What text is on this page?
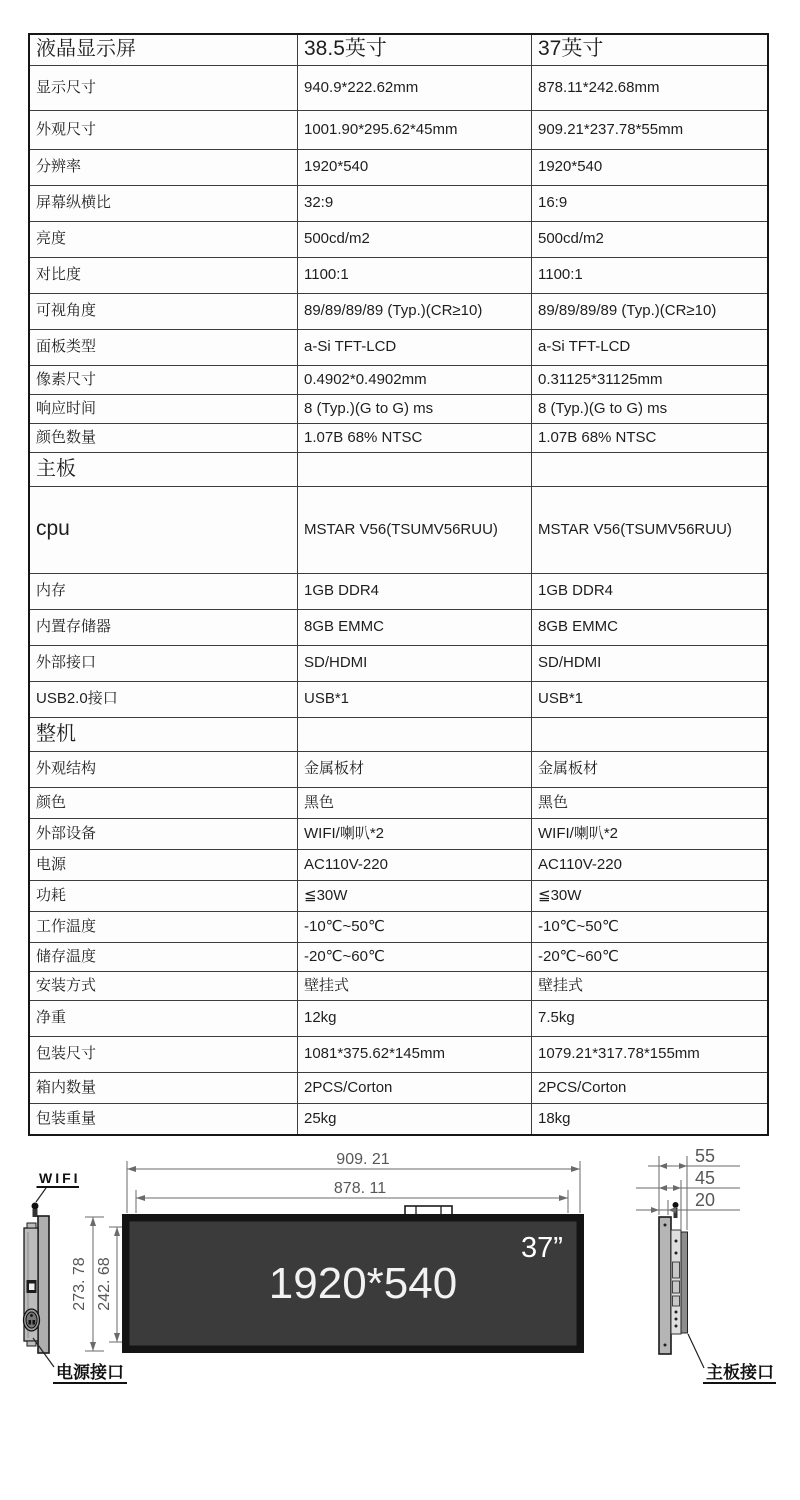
液晶显示屏	38.5英寸	37英寸
显示尺寸	940.9*222.62mm	878.11*242.68mm
外观尺寸	1001.90*295.62*45mm	909.21*237.78*55mm
分辨率	1920*540	1920*540
屏幕纵横比	32:9	16:9
亮度	500cd/m2	500cd/m2
对比度	1100:1	1100:1
可视角度	89/89/89/89 (Typ.)(CR≥10)	89/89/89/89 (Typ.)(CR≥10)
面板类型	a-Si TFT-LCD	a-Si TFT-LCD
像素尺寸	0.4902*0.4902mm	0.31125*31125mm
响应时间	8 (Typ.)(G to G) ms	8 (Typ.)(G to G) ms
颜色数量	1.07B 68% NTSC	1.07B 68% NTSC
主板
cpu	MSTAR V56(TSUMV56RUU)	MSTAR V56(TSUMV56RUU)
内存	1GB DDR4	1GB DDR4
内置存储器	8GB EMMC	8GB EMMC
外部接口	SD/HDMI	SD/HDMI
USB2.0接口	USB*1	USB*1
整机
外观结构	金属板材	金属板材
颜色	黑色	黑色
外部设备	WIFI/喇叭*2	WIFI/喇叭*2
电源	AC110V-220	AC110V-220
功耗	≦30W	≦30W
工作温度	-10℃~50℃	-10℃~50℃
储存温度	-20℃~60℃	-20℃~60℃
安装方式	壁挂式	壁挂式
净重	12kg	7.5kg
包装尺寸	1081*375.62*145mm	1079.21*317.78*155mm
箱内数量	2PCS/Corton	2PCS/Corton
包装重量	25kg	18kg
WIFI
电源接口
273. 78 242. 68
909. 21
878. 11
1920*540
37”
55
45
20
主板接口
